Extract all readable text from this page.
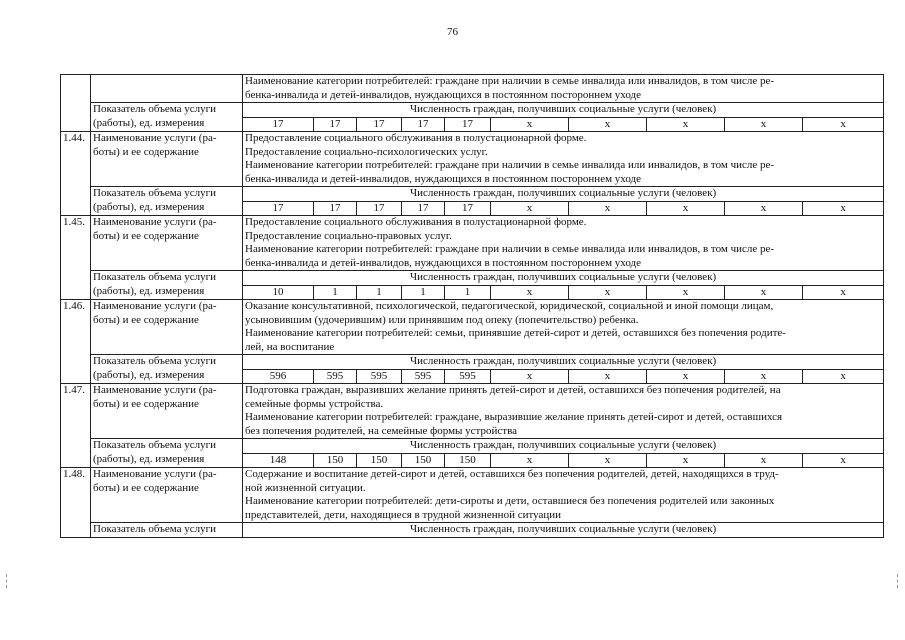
76

		Наименование категории потребителей: граждане при наличии в семье инвалида или инвалидов, в том числе ре-
бенка-инвалида и детей-инвалидов, нуждающихся в постоянном постороннем уходе									

	Показатель объема услуги
(работы), ед. измерения	Численность граждан, получивших социальные услуги (человек)									
		17	17	17	17	17	x	x	x	x	x
1.44.	Наименование услуги (ра-
боты) и ее содержание	Предоставление социального обслуживания в полустационарной форме.
Предоставление социально-психологических услуг.
Наименование категории потребителей: граждане при наличии в семье инвалида или инвалидов, в том числе ре-
бенка-инвалида и детей-инвалидов, нуждающихся в постоянном постороннем уходе									

	Показатель объема услуги
(работы), ед. измерения	Численность граждан, получивших социальные услуги (человек)									
		17	17	17	17	17	x	x	x	x	x
1.45.	Наименование услуги (ра-
боты) и ее содержание	Предоставление социального обслуживания в полустационарной форме.
Предоставление социально-правовых услуг.
Наименование категории потребителей: граждане при наличии в семье инвалида или инвалидов, в том числе ре-
бенка-инвалида и детей-инвалидов, нуждающихся в постоянном постороннем уходе									

	Показатель объема услуги
(работы), ед. измерения	Численность граждан, получивших социальные услуги (человек)									
		10	1	1	1	1	x	x	x	x	x
1.46.	Наименование услуги (ра-
боты) и ее содержание	Оказание консультативной, психологической, педагогической, юридической, социальной и иной помощи лицам,
усыновившим (удочерившим) или принявшим под опеку (попечительство) ребенка.
Наименование категории потребителей: семьи, принявшие детей-сирот и детей, оставшихся без попечения родите-
лей, на воспитание									

	Показатель объема услуги
(работы), ед. измерения	Численность граждан, получивших социальные услуги (человек)									
		596	595	595	595	595	x	x	x	x	x
1.47.	Наименование услуги (ра-
боты) и ее содержание	Подготовка граждан, выразивших желание принять детей-сирот и детей, оставшихся без попечения родителей, на
семейные формы устройства.
Наименование категории потребителей: граждане, выразившие желание принять детей-сирот и детей, оставшихся
без попечения родителей, на семейные формы устройства									

	Показатель объема услуги
(работы), ед. измерения	Численность граждан, получивших социальные услуги (человек)									
		148	150	150	150	150	x	x	x	x	x
1.48.	Наименование услуги (ра-
боты) и ее содержание	Содержание и воспитание детей-сирот и детей, оставшихся без попечения родителей, детей, находящихся в труд-
ной жизненной ситуации.
Наименование категории потребителей: дети-сироты и дети, оставшиеся без попечения родителей или законных
представителей, дети, находящиеся в трудной жизненной ситуации									

	Показатель объема услуги	Численность граждан, получивших социальные услуги (человек)									
